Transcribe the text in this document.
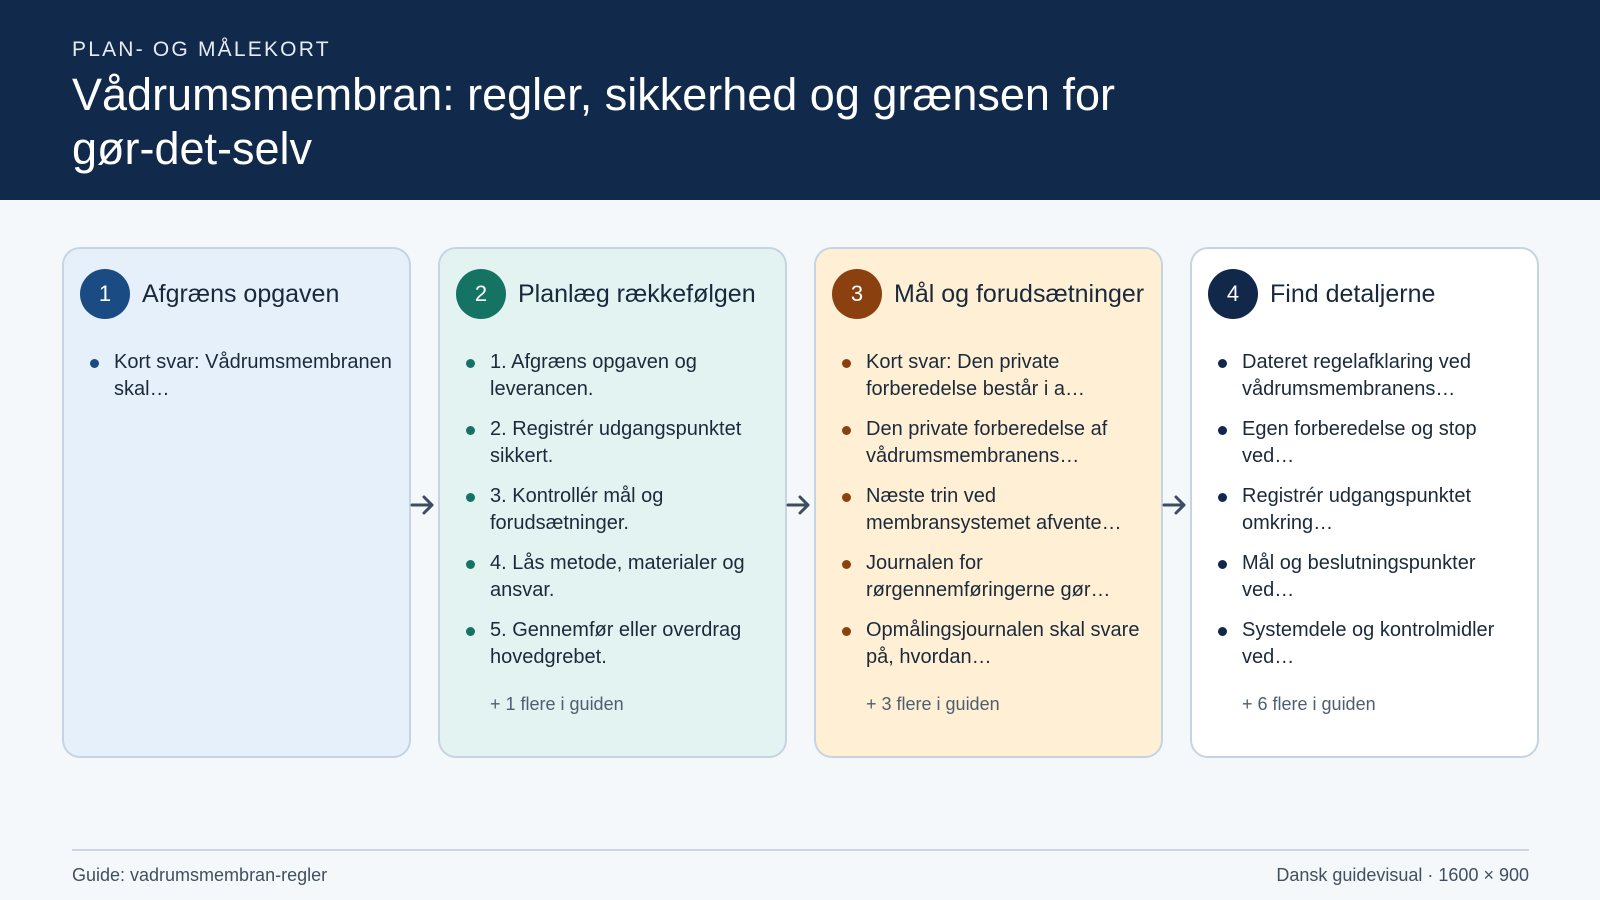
PLAN- OG MÅLEKORT
Vådrumsmembran: regler, sikkerhed og grænsen for gør-det-selv
1	Afgræns opgaven
Kort svar: Vådrumsmembranen skal…
2	Planlæg rækkefølgen
1. Afgræns opgaven og leverancen.
2. Registrér udgangspunktet sikkert.
3. Kontrollér mål og forudsætninger.
4. Lås metode, materialer og ansvar.
5. Gennemfør eller overdrag hovedgrebet.
+ 1 flere i guiden
3	Mål og forudsætninger
Kort svar: Den private forberedelse består i a…
Den private forberedelse af vådrumsmembranens…
Næste trin ved membransystemet afvente…
Journalen for rørgennemføringerne gør…
Opmålingsjournalen skal svare på, hvordan…
+ 3 flere i guiden
4	Find detaljerne
Dateret regelafklaring ved vådrumsmembranens…
Egen forberedelse og stop ved…
Registrér udgangspunktet omkring…
Mål og beslutningspunkter ved…
Systemdele og kontrolmidler ved…
+ 6 flere i guiden
Guide: vadrumsmembran-regler	Dansk guidevisual · 1600 × 900
